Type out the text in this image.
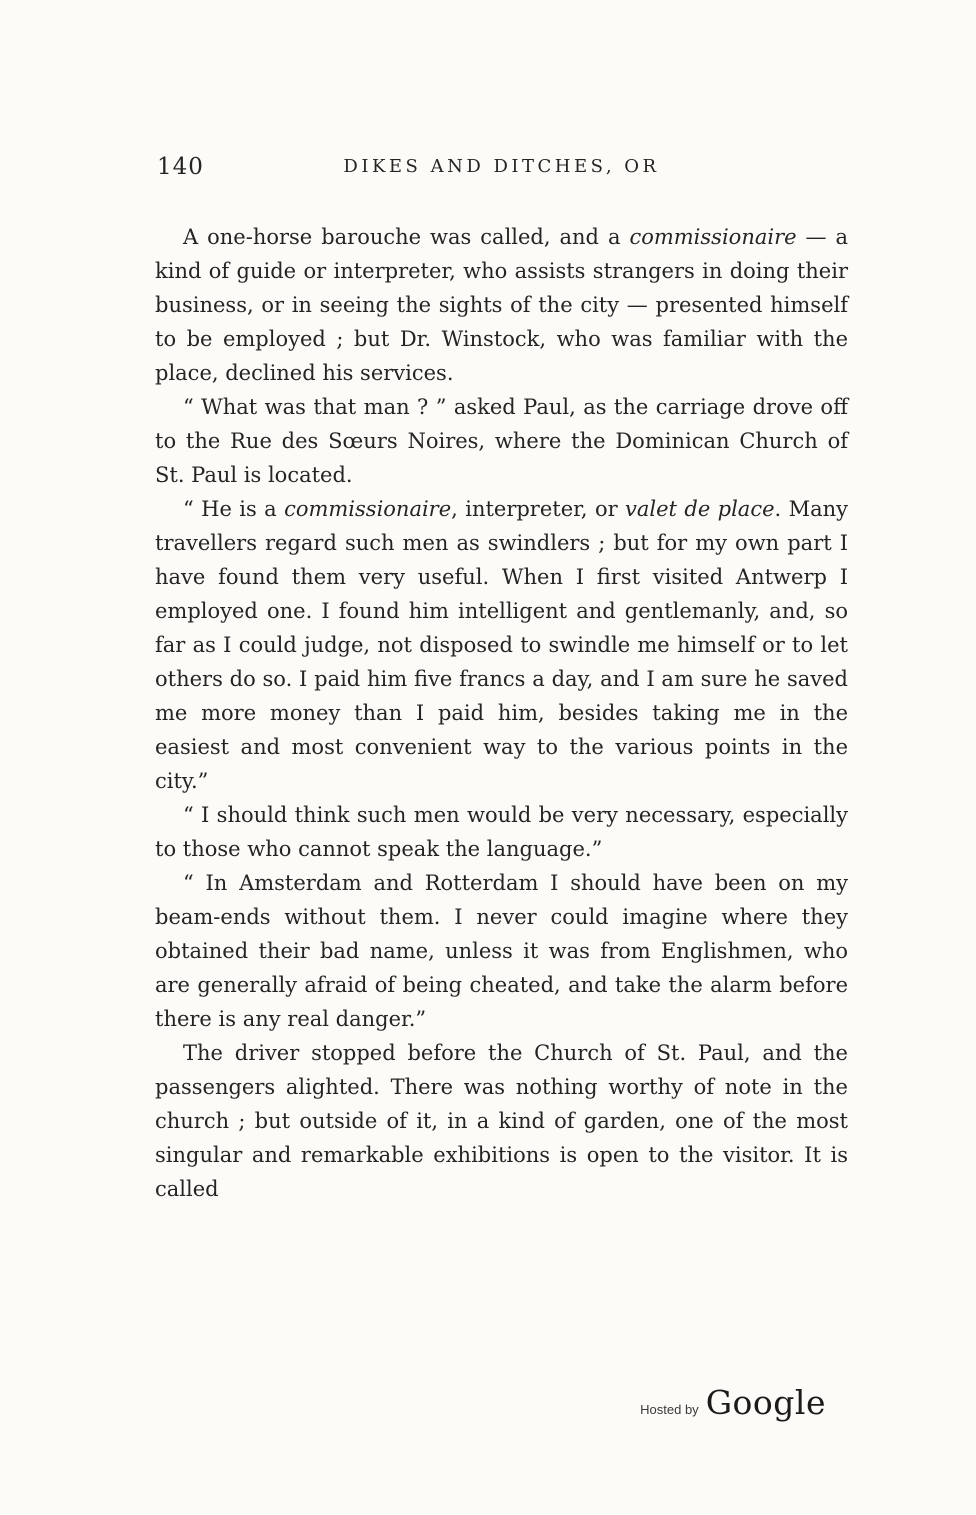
140	DIKES AND DITCHES, OR

A one-horse barouche was called, and a commissionaire — a kind of guide or interpreter, who assists strangers in doing their business, or in seeing the sights of the city — presented himself to be employed ; but Dr. Winstock, who was familiar with the place, declined his services.

“ What was that man ? ” asked Paul, as the carriage drove off to the Rue des Sœurs Noires, where the Dominican Church of St. Paul is located.

“ He is a commissionaire, interpreter, or valet de place. Many travellers regard such men as swindlers ; but for my own part I have found them very useful. When I first visited Antwerp I employed one. I found him intelligent and gentlemanly, and, so far as I could judge, not disposed to swindle me himself or to let others do so. I paid him five francs a day, and I am sure he saved me more money than I paid him, besides taking me in the easiest and most convenient way to the various points in the city.”

“ I should think such men would be very necessary, especially to those who cannot speak the language.”

“ In Amsterdam and Rotterdam I should have been on my beam-ends without them. I never could imagine where they obtained their bad name, unless it was from Englishmen, who are generally afraid of being cheated, and take the alarm before there is any real danger.”

The driver stopped before the Church of St. Paul, and the passengers alighted. There was nothing worthy of note in the church ; but outside of it, in a kind of garden, one of the most singular and remarkable exhibitions is open to the visitor. It is called

Hosted by Google
